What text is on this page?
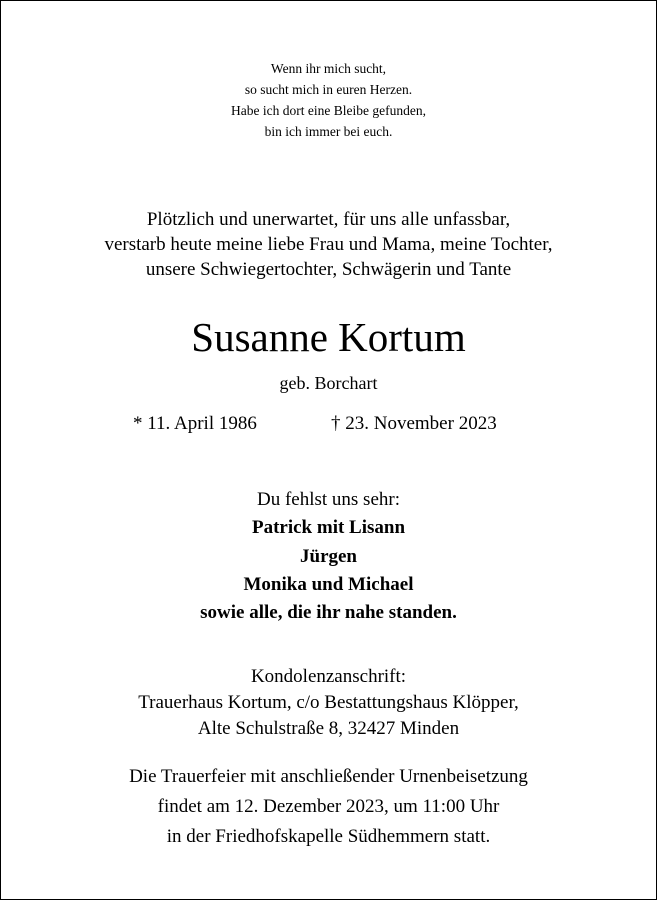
Wenn ihr mich sucht,
so sucht mich in euren Herzen.
Habe ich dort eine Bleibe gefunden,
bin ich immer bei euch.
Plötzlich und unerwartet, für uns alle unfassbar,
verstarb heute meine liebe Frau und Mama, meine Tochter,
unsere Schwiegertochter, Schwägerin und Tante
Susanne Kortum
geb. Borchart
* 11. April 1986	† 23. November 2023
Du fehlst uns sehr:
Patrick mit Lisann
Jürgen
Monika und Michael
sowie alle, die ihr nahe standen.
Kondolenzanschrift:
Trauerhaus Kortum, c/o Bestattungshaus Klöpper,
Alte Schulstraße 8, 32427 Minden
Die Trauerfeier mit anschließender Urnenbeisetzung
findet am 12. Dezember 2023, um 11:00 Uhr
in der Friedhofskapelle Südhemmern statt.
